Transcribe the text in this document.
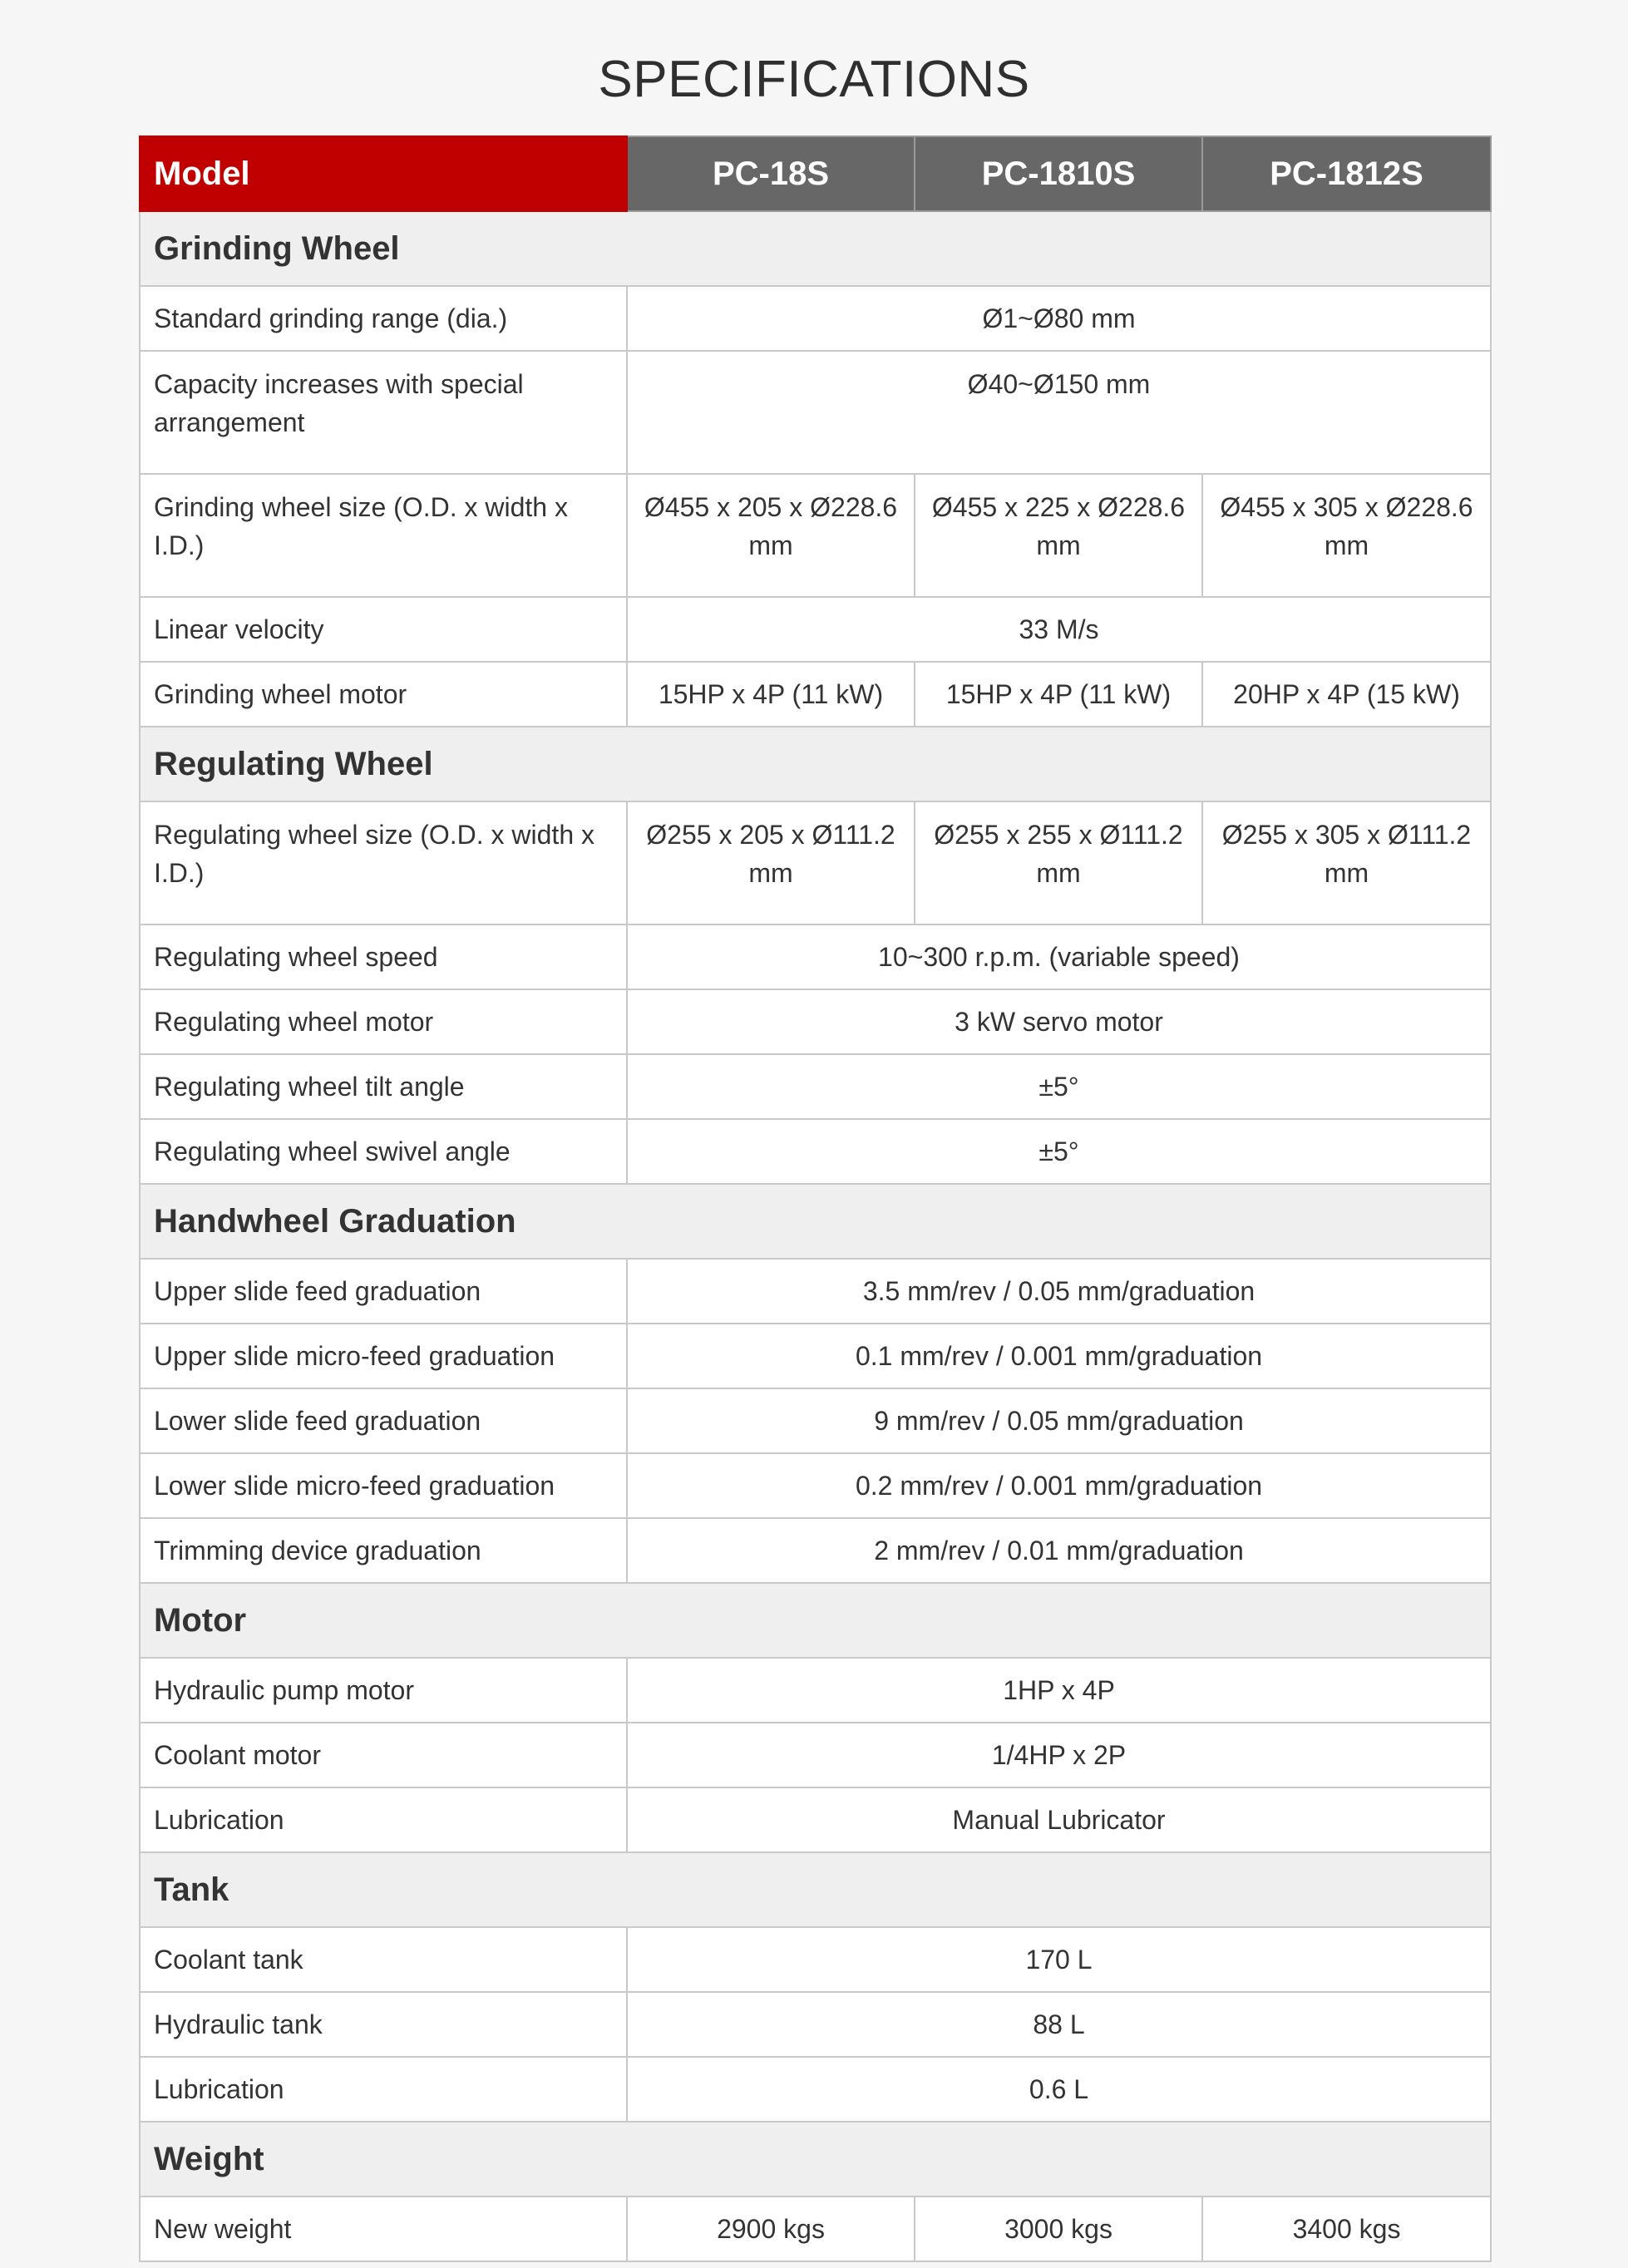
SPECIFICATIONS
Model	PC-18S	PC-1810S	PC-1812S
Grinding Wheel			
Standard grinding range (dia.)	Ø1~Ø80 mm		
Capacity increases with special arrangement	Ø40~Ø150 mm		
Grinding wheel size (O.D. x width x I.D.)	Ø455 x 205 x Ø228.6 mm	Ø455 x 225 x Ø228.6 mm	Ø455 x 305 x Ø228.6 mm
Linear velocity	33 M/s		
Grinding wheel motor	15HP x 4P (11 kW)	15HP x 4P (11 kW)	20HP x 4P (15 kW)
Regulating Wheel			
Regulating wheel size (O.D. x width x I.D.)	Ø255 x 205 x Ø111.2 mm	Ø255 x 255 x Ø111.2 mm	Ø255 x 305 x Ø111.2 mm
Regulating wheel speed	10~300 r.p.m. (variable speed)		
Regulating wheel motor	3 kW servo motor		
Regulating wheel tilt angle	±5°		
Regulating wheel swivel angle	±5°		
Handwheel Graduation			
Upper slide feed graduation	3.5 mm/rev / 0.05 mm/graduation		
Upper slide micro-feed graduation	0.1 mm/rev / 0.001 mm/graduation		
Lower slide feed graduation	9 mm/rev / 0.05 mm/graduation		
Lower slide micro-feed graduation	0.2 mm/rev / 0.001 mm/graduation		
Trimming device graduation	2 mm/rev / 0.01 mm/graduation		
Motor			
Hydraulic pump motor	1HP x 4P		
Coolant motor	1/4HP x 2P		
Lubrication	Manual Lubricator		
Tank			
Coolant tank	170 L		
Hydraulic tank	88 L		
Lubrication	0.6 L		
Weight			
New weight	2900 kgs	3000 kgs	3400 kgs
